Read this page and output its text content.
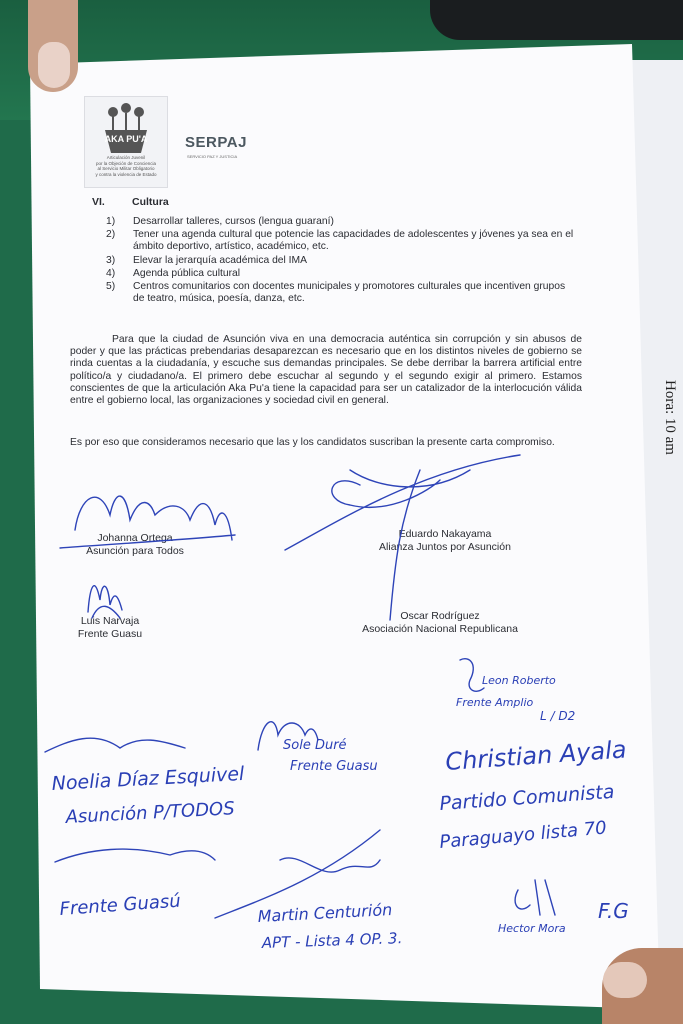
Hora: 10 am
AKA PU'A
Articulación Juvenil
por la Objeción de Conciencia
al Servicio Militar Obligatorio
y contra la violencia de Estado
SERPAJ
SERVICIO PAZ Y JUSTICIA
VI.	Cultura
1) Desarrollar talleres, cursos (lengua guaraní)
2) Tener una agenda cultural que potencie las capacidades de adolescentes y jóvenes ya sea en el ámbito deportivo, artístico, académico, etc.
3) Elevar la jerarquía académica del IMA
4) Agenda pública cultural
5) Centros comunitarios con docentes municipales y promotores culturales que incentiven grupos de teatro, música, poesía, danza, etc.

Para que la ciudad de Asunción viva en una democracia auténtica sin corrupción y sin abusos de poder y que las prácticas prebendarias desaparezcan es necesario que en los distintos niveles de gobierno se rinda cuentas a la ciudadanía, y escuche sus demandas principales. Se debe derribar la barrera artificial entre político/a y ciudadano/a. El primero debe escuchar al segundo y el segundo exigir al primero. Estamos conscientes de que la articulación Aka Pu'a tiene la capacidad para ser un catalizador de la interlocución válida entre el gobierno local, las organizaciones y sociedad civil en general.

Es por eso que consideramos necesario que las y los candidatos suscriban la presente carta compromiso.

Johanna Ortega
Asunción para Todos
Eduardo Nakayama
Alianza Juntos por Asunción
Luis Narvaja
Frente Guasu
Oscar Rodríguez
Asociación Nacional Republicana
Noelia Díaz Esquivel
Asunción P/TODOS
Sole Duré
Frente Guasu
Leon Roberto
Frente Amplio
L / D2
Christian Ayala
Partido Comunista
Paraguayo lista 70
Frente Guasú	Martin Centurión
APT - Lista 4 OP. 3.
Hector Mora
F.G
